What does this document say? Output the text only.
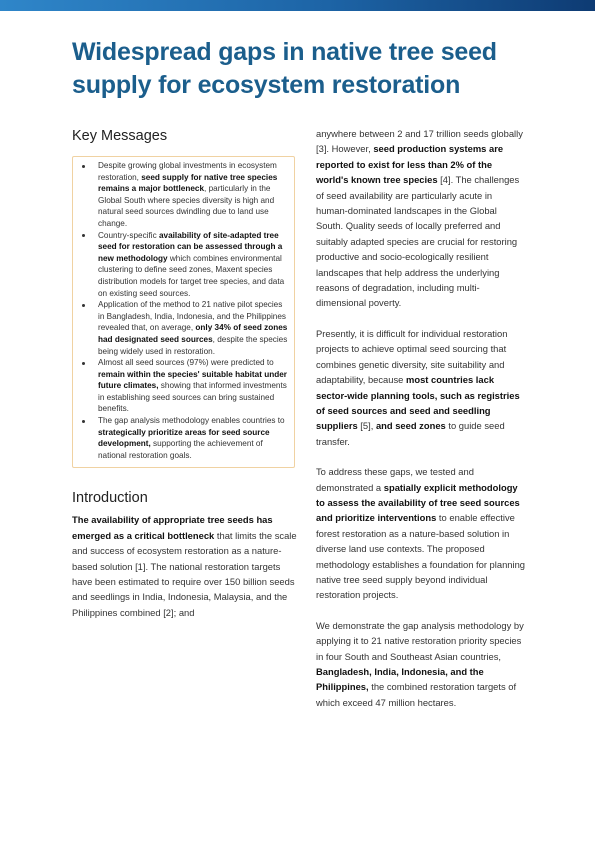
Widespread gaps in native tree seed supply for ecosystem restoration
Key Messages
Despite growing global investments in ecosystem restoration, seed supply for native tree species remains a major bottleneck, particularly in the Global South where species diversity is high and natural seed sources dwindling due to land use change.
Country-specific availability of site-adapted tree seed for restoration can be assessed through a new methodology which combines environmental clustering to define seed zones, Maxent species distribution models for target tree species, and data on existing seed sources.
Application of the method to 21 native pilot species in Bangladesh, India, Indonesia, and the Philippines revealed that, on average, only 34% of seed zones had designated seed sources, despite the species being widely used in restoration.
Almost all seed sources (97%) were predicted to remain within the species' suitable habitat under future climates, showing that informed investments in establishing seed sources can bring sustained benefits.
The gap analysis methodology enables countries to strategically prioritize areas for seed source development, supporting the achievement of national restoration goals.
Introduction

The availability of appropriate tree seeds has emerged as a critical bottleneck that limits the scale and success of ecosystem restoration as a nature-based solution [1]. The national restoration targets have been estimated to require over 150 billion seeds and seedlings in India, Indonesia, Malaysia, and the Philippines combined [2]; and

anywhere between 2 and 17 trillion seeds globally [3]. However, seed production systems are reported to exist for less than 2% of the world's known tree species [4]. The challenges of seed availability are particularly acute in human-dominated landscapes in the Global South. Quality seeds of locally preferred and suitably adapted species are crucial for restoring productive and socio-ecologically resilient landscapes that help address the underlying reasons of degradation, including multi-dimensional poverty.

Presently, it is difficult for individual restoration projects to achieve optimal seed sourcing that combines genetic diversity, site suitability and adaptability, because most countries lack sector-wide planning tools, such as registries of seed sources and seed and seedling suppliers [5], and seed zones to guide seed transfer.

To address these gaps, we tested and demonstrated a spatially explicit methodology to assess the availability of tree seed sources and prioritize interventions to enable effective forest restoration as a nature-based solution in diverse land use contexts. The proposed methodology establishes a foundation for planning native tree seed supply beyond individual restoration projects.

We demonstrate the gap analysis methodology by applying it to 21 native restoration priority species in four South and Southeast Asian countries, Bangladesh, India, Indonesia, and the Philippines, the combined restoration targets of which exceed 47 million hectares.
